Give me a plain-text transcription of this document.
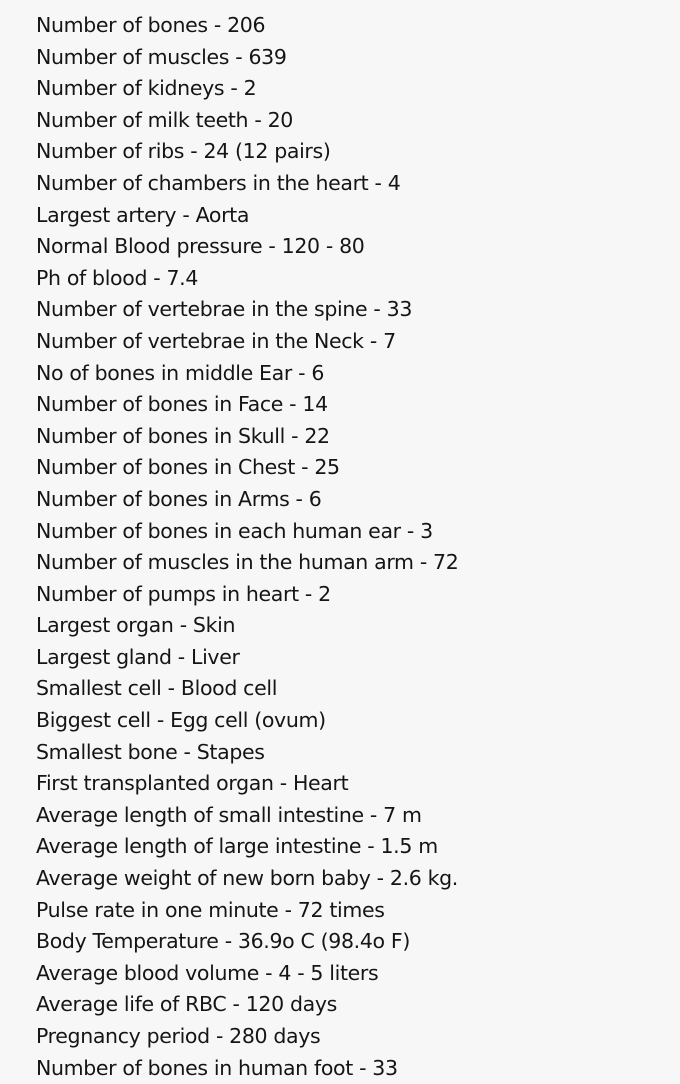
Number of bones - 206
Number of muscles - 639
Number of kidneys - 2
Number of milk teeth - 20
Number of ribs - 24 (12 pairs)
Number of chambers in the heart - 4
Largest artery - Aorta
Normal Blood pressure - 120 - 80
Ph of blood - 7.4
Number of vertebrae in the spine - 33
Number of vertebrae in the Neck - 7
No of bones in middle Ear - 6
Number of bones in Face - 14
Number of bones in Skull - 22
Number of bones in Chest - 25
Number of bones in Arms - 6
Number of bones in each human ear - 3
Number of muscles in the human arm - 72
Number of pumps in heart - 2
Largest organ - Skin
Largest gland - Liver
Smallest cell - Blood cell
Biggest cell - Egg cell (ovum)
Smallest bone - Stapes
First transplanted organ - Heart
Average length of small intestine - 7 m
Average length of large intestine - 1.5 m
Average weight of new born baby - 2.6 kg.
Pulse rate in one minute - 72 times
Body Temperature - 36.9o C (98.4o F)
Average blood volume - 4 - 5 liters
Average life of RBC - 120 days
Pregnancy period - 280 days
Number of bones in human foot - 33
